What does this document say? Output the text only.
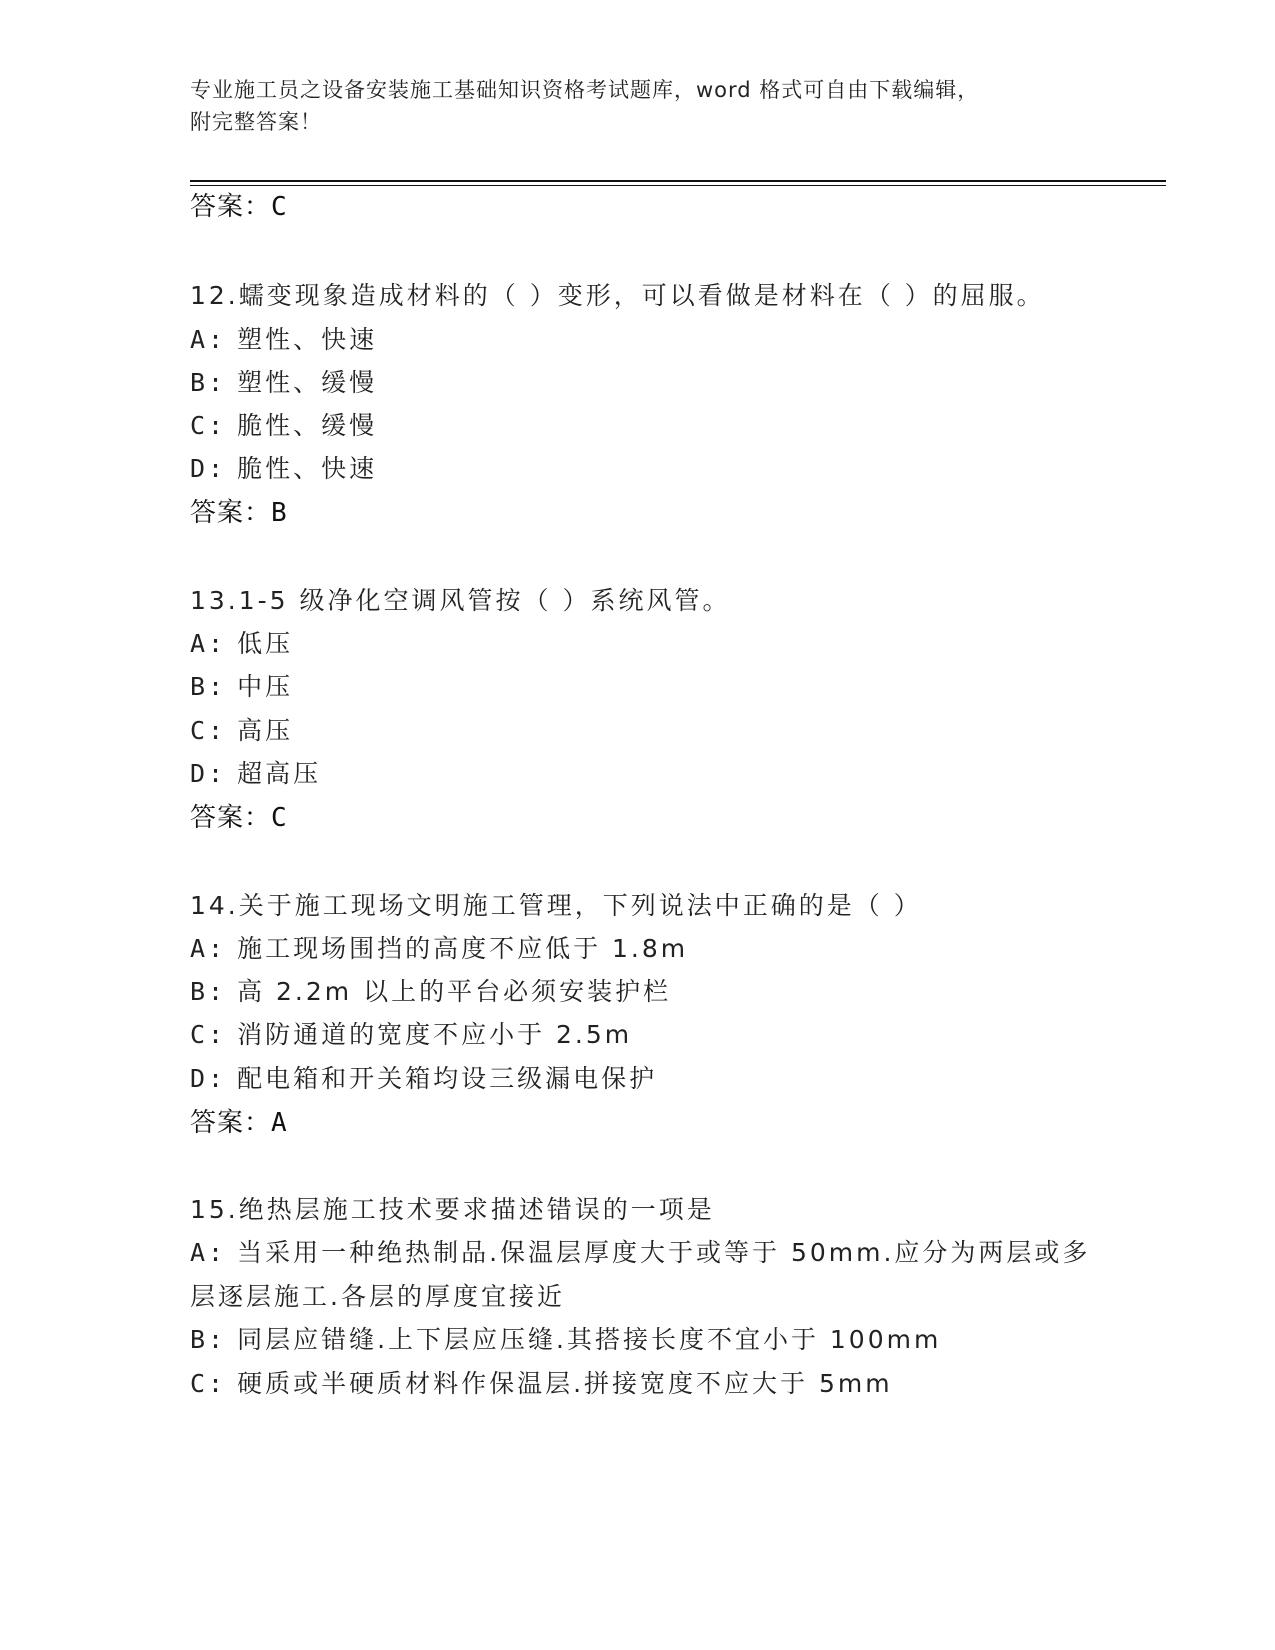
专业施工员之设备安装施工基础知识资格考试题库，word 格式可自由下载编辑，
附完整答案！
答案：C
12.蠕变现象造成材料的（ ）变形，可以看做是材料在（ ）的屈服。
A: 塑性、快速
B: 塑性、缓慢
C: 脆性、缓慢
D: 脆性、快速
答案：B
13.1-5 级净化空调风管按（ ）系统风管。
A: 低压
B: 中压
C: 高压
D: 超高压
答案：C
14.关于施工现场文明施工管理，下列说法中正确的是（ ）
A: 施工现场围挡的高度不应低于 1.8m
B: 高 2.2m 以上的平台必须安装护栏
C: 消防通道的宽度不应小于 2.5m
D: 配电箱和开关箱均设三级漏电保护
答案：A
15.绝热层施工技术要求描述错误的一项是
A: 当采用一种绝热制品.保温层厚度大于或等于 50mm.应分为两层或多
层逐层施工.各层的厚度宜接近
B: 同层应错缝.上下层应压缝.其搭接长度不宜小于 100mm
C: 硬质或半硬质材料作保温层.拼接宽度不应大于 5mm
